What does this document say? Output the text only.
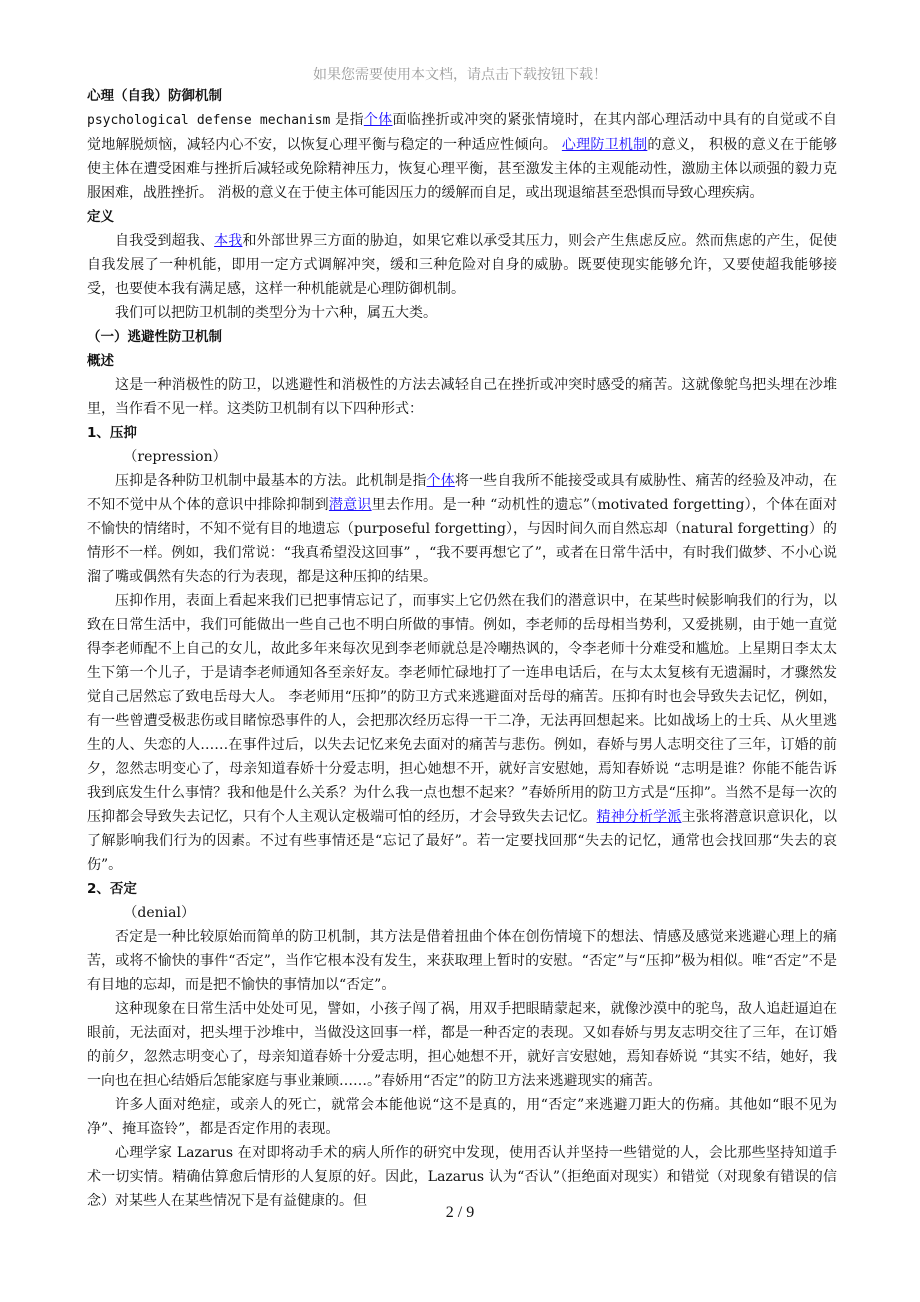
如果您需要使用本文档，请点击下载按钮下载！

心理（自我）防御机制

psychological defense mechanism 是指个体面临挫折或冲突的紧张情境时，在其内部心理活动中具有的自觉或不自觉地解脱烦恼，减轻内心不安，以恢复心理平衡与稳定的一种适应性倾向。 心理防卫机制的意义， 积极的意义在于能够使主体在遭受困难与挫折后减轻或免除精神压力，恢复心理平衡，甚至激发主体的主观能动性，激励主体以顽强的毅力克服困难，战胜挫折。 消极的意义在于使主体可能因压力的缓解而自足，或出现退缩甚至恐惧而导致心理疾病。

定义

自我受到超我、本我和外部世界三方面的胁迫，如果它难以承受其压力，则会产生焦虑反应。然而焦虑的产生，促使自我发展了一种机能，即用一定方式调解冲突，缓和三种危险对自身的威胁。既要使现实能够允许，又要使超我能够接受，也要使本我有满足感，这样一种机能就是心理防御机制。

我们可以把防卫机制的类型分为十六种，属五大类。

（一）逃避性防卫机制

概述

这是一种消极性的防卫，以逃避性和消极性的方法去减轻自己在挫折或冲突时感受的痛苦。这就像鸵鸟把头埋在沙堆里，当作看不见一样。这类防卫机制有以下四种形式：

1、压抑

（repression）

压抑是各种防卫机制中最基本的方法。此机制是指个体将一些自我所不能接受或具有威胁性、痛苦的经验及冲动，在不知不觉中从个体的意识中排除抑制到潜意识里去作用。是一种 “动机性的遗忘”（motivated forgetting），个体在面对不愉快的情绪时，不知不觉有目的地遗忘（purposeful forgetting），与因时间久而自然忘却（natural forgetting）的情形不一样。例如，我们常说：“我真希望没这回事” ，“我不要再想它了”，或者在日常牛活中，有时我们做梦、不小心说溜了嘴或偶然有失态的行为表现，都是这种压抑的结果。

压抑作用，表面上看起来我们已把事情忘记了，而事实上它仍然在我们的潜意识中，在某些时候影响我们的行为，以致在日常生活中，我们可能做出一些自己也不明白所做的事情。例如，李老师的岳母相当势利，又爱挑剔，由于她一直觉得李老师配不上自己的女儿，故此多年来每次见到李老师就总是冷嘲热讽的，令李老师十分难受和尴尬。上星期日李太太生下第一个儿子，于是请李老师通知各至亲好友。李老师忙碌地打了一连串电话后，在与太太复核有无遗漏时，才骤然发觉自己居然忘了致电岳母大人。 李老师用“压抑”的防卫方式来逃避面对岳母的痛苦。压抑有时也会导致失去记忆，例如，有一些曾遭受极悲伤或目睹惊恐事件的人，会把那次经历忘得一干二净，无法再回想起来。比如战场上的士兵、从火里逃生的人、失恋的人……在事件过后，以失去记忆来免去面对的痛苦与悲伤。例如，春娇与男人志明交往了三年，订婚的前夕，忽然志明变心了，母亲知道春娇十分爱志明，担心她想不开，就好言安慰她，焉知春娇说 “志明是谁？你能不能告诉我到底发生什么事情？我和他是什么关系？为什么我一点也想不起来？”春娇所用的防卫方式是“压抑”。当然不是每一次的压抑都会导致失去记忆，只有个人主观认定极端可怕的经历，才会导致失去记忆。精神分析学派主张将潜意识意识化，以了解影响我们行为的因素。不过有些事情还是“忘记了最好”。若一定要找回那“失去的记忆，通常也会找回那“失去的哀伤”。

2、否定

（denial）

否定是一种比较原始而简单的防卫机制，其方法是借着扭曲个体在创伤情境下的想法、情感及感觉来逃避心理上的痛苦，或将不愉快的事件“否定”，当作它根本没有发生，来获取理上暂时的安慰。“否定”与“压抑”极为相似。唯“否定”不是有目地的忘却，而是把不愉快的事情加以“否定”。

这种现象在日常生活中处处可见，譬如，小孩子闯了祸，用双手把眼睛蒙起来，就像沙漠中的驼鸟，敌人追赶逼迫在眼前，无法面对，把头埋于沙堆中，当做没这回事一样，都是一种否定的表现。又如春娇与男友志明交往了三年，在订婚的前夕，忽然志明变心了，母亲知道春娇十分爱志明，担心她想不开，就好言安慰她，焉知春娇说 “其实不结，她好，我一向也在担心结婚后怎能家庭与事业兼顾……。”春娇用“否定”的防卫方法来逃避现实的痛苦。

许多人面对绝症，或亲人的死亡，就常会本能他说“这不是真的，用“否定”来逃避刀距大的伤痛。其他如“眼不见为净”、掩耳盗铃”，都是否定作用的表现。

心理学家 Lazarus 在对即将动手术的病人所作的研究中发现，使用否认并坚持一些错觉的人，会比那些坚持知道手术一切实情。精确估算愈后情形的人复原的好。因此，Lazarus 认为“否认”（拒绝面对现实）和错觉（对现象有错误的信念）对某些人在某些情况下是有益健康的。但

2 / 9
